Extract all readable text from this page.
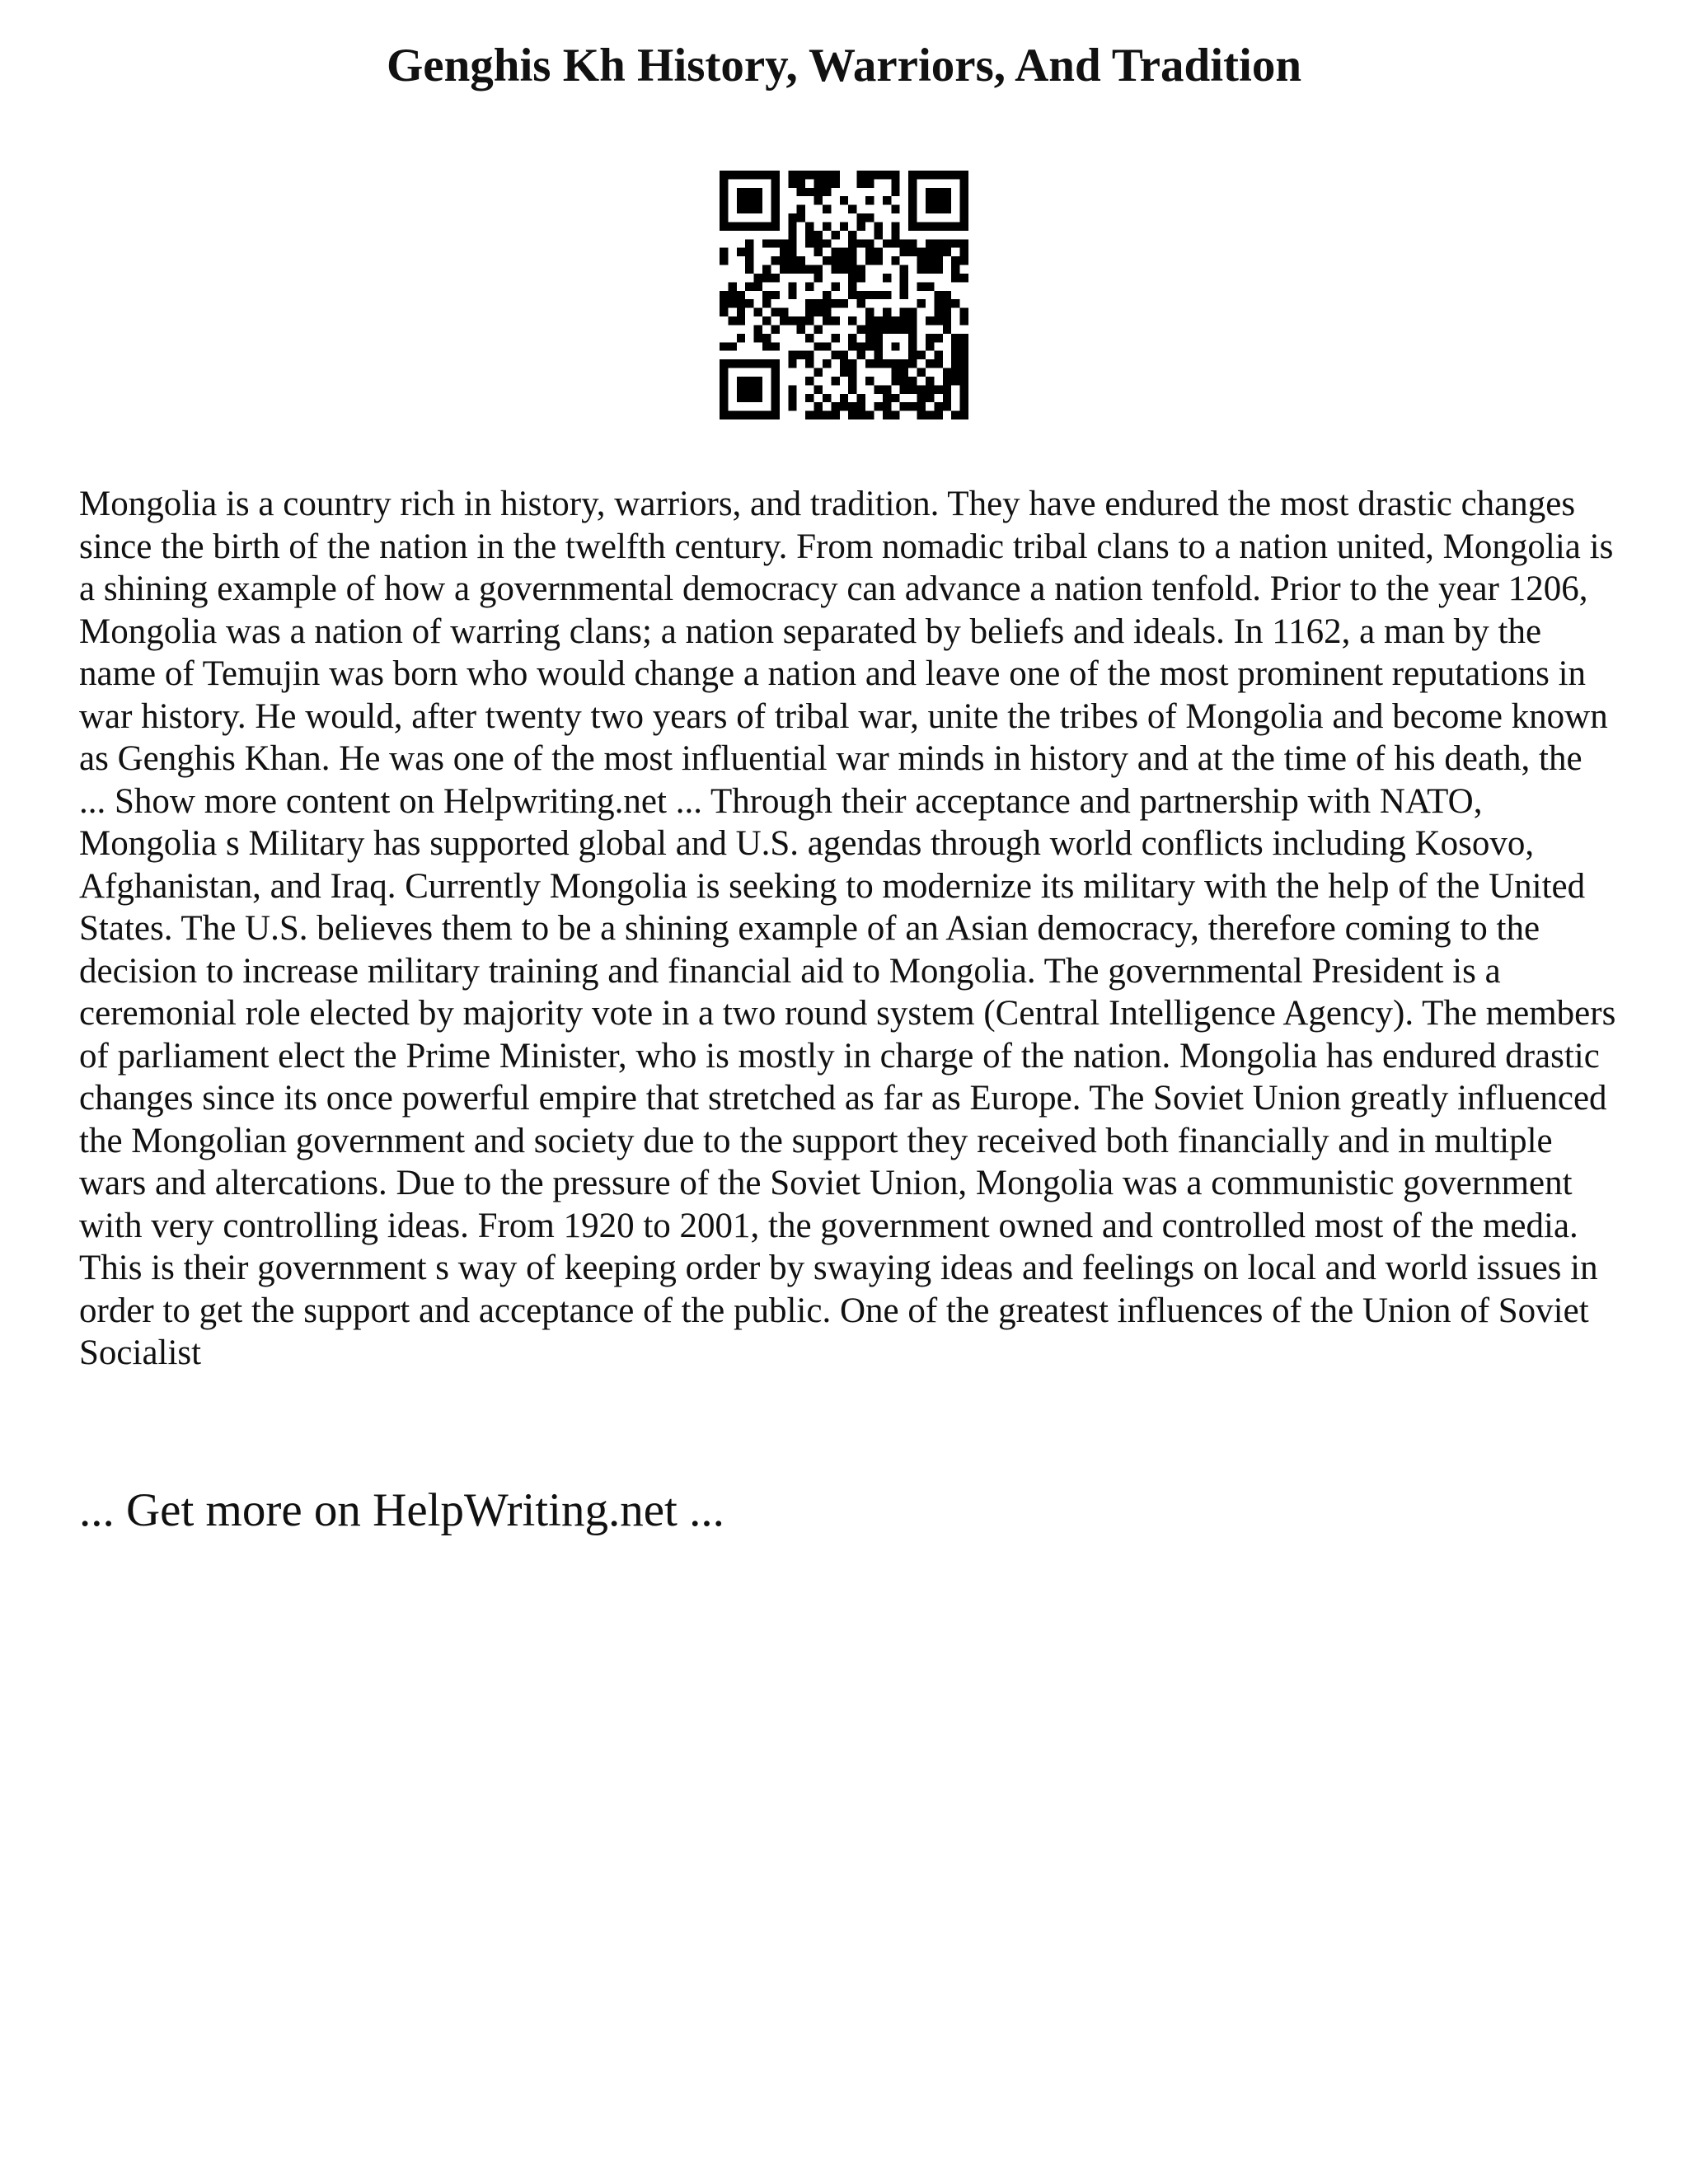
Genghis Kh History, Warriors, And Tradition

Mongolia is a country rich in history, warriors, and tradition. They have endured the most drastic changes since the birth of the nation in the twelfth century. From nomadic tribal clans to a nation united, Mongolia is a shining example of how a governmental democracy can advance a nation tenfold. Prior to the year 1206, Mongolia was a nation of warring clans; a nation separated by beliefs and ideals. In 1162, a man by the name of Temujin was born who would change a nation and leave one of the most prominent reputations in war history. He would, after twenty two years of tribal war, unite the tribes of Mongolia and become known as Genghis Khan. He was one of the most influential war minds in history and at the time of his death, the ... Show more content on Helpwriting.net ... Through their acceptance and partnership with NATO, Mongolia s Military has supported global and U.S. agendas through world conflicts including Kosovo, Afghanistan, and Iraq. Currently Mongolia is seeking to modernize its military with the help of the United States. The U.S. believes them to be a shining example of an Asian democracy, therefore coming to the decision to increase military training and financial aid to Mongolia. The governmental President is a ceremonial role elected by majority vote in a two round system (Central Intelligence Agency). The members of parliament elect the Prime Minister, who is mostly in charge of the nation. Mongolia has endured drastic changes since its once powerful empire that stretched as far as Europe. The Soviet Union greatly influenced the Mongolian government and society due to the support they received both financially and in multiple wars and altercations. Due to the pressure of the Soviet Union, Mongolia was a communistic government with very controlling ideas. From 1920 to 2001, the government owned and controlled most of the media. This is their government s way of keeping order by swaying ideas and feelings on local and world issues in order to get the support and acceptance of the public. One of the greatest influences of the Union of Soviet Socialist

... Get more on HelpWriting.net ...
